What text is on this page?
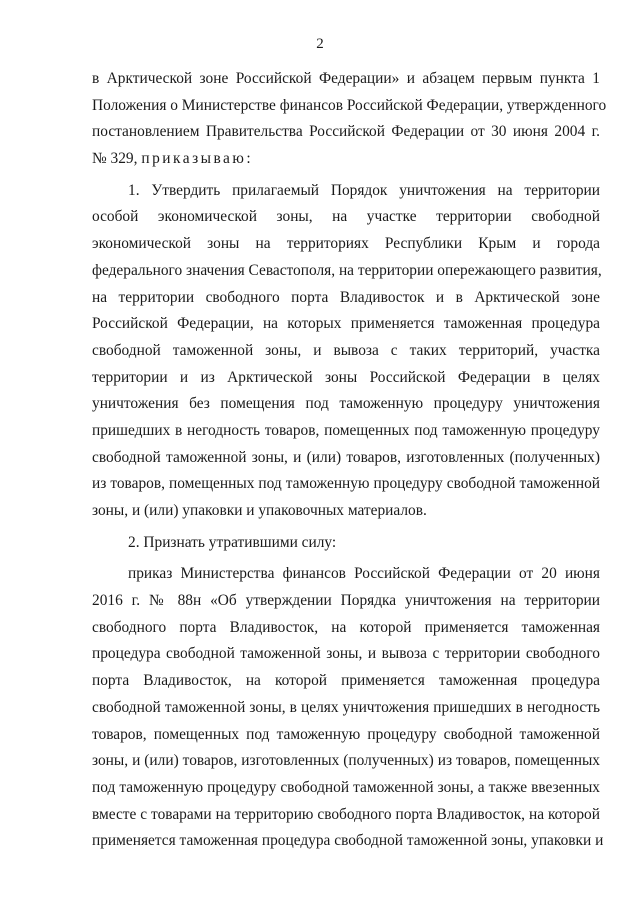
2
в Арктической зоне Российской Федерации» и абзацем первым пункта 1
Положения о Министерстве финансов Российской Федерации, утвержденного
постановлением Правительства Российской Федерации от 30 июня 2004 г.
№ 329, приказываю:
1. Утвердить прилагаемый Порядок уничтожения на территории
особой экономической зоны, на участке территории свободной
экономической зоны на территориях Республики Крым и города
федерального значения Севастополя, на территории опережающего развития,
на территории свободного порта Владивосток и в Арктической зоне
Российской Федерации, на которых применяется таможенная процедура
свободной таможенной зоны, и вывоза с таких территорий, участка
территории и из Арктической зоны Российской Федерации в целях
уничтожения без помещения под таможенную процедуру уничтожения
пришедших в негодность товаров, помещенных под таможенную процедуру
свободной таможенной зоны, и (или) товаров, изготовленных (полученных)
из товаров, помещенных под таможенную процедуру свободной таможенной
зоны, и (или) упаковки и упаковочных материалов.
2. Признать утратившими силу:
приказ Министерства финансов Российской Федерации от 20 июня
2016 г. № 88н «Об утверждении Порядка уничтожения на территории
свободного порта Владивосток, на которой применяется таможенная
процедура свободной таможенной зоны, и вывоза с территории свободного
порта Владивосток, на которой применяется таможенная процедура
свободной таможенной зоны, в целях уничтожения пришедших в негодность
товаров, помещенных под таможенную процедуру свободной таможенной
зоны, и (или) товаров, изготовленных (полученных) из товаров, помещенных
под таможенную процедуру свободной таможенной зоны, а также ввезенных
вместе с товарами на территорию свободного порта Владивосток, на которой
применяется таможенная процедура свободной таможенной зоны, упаковки и
